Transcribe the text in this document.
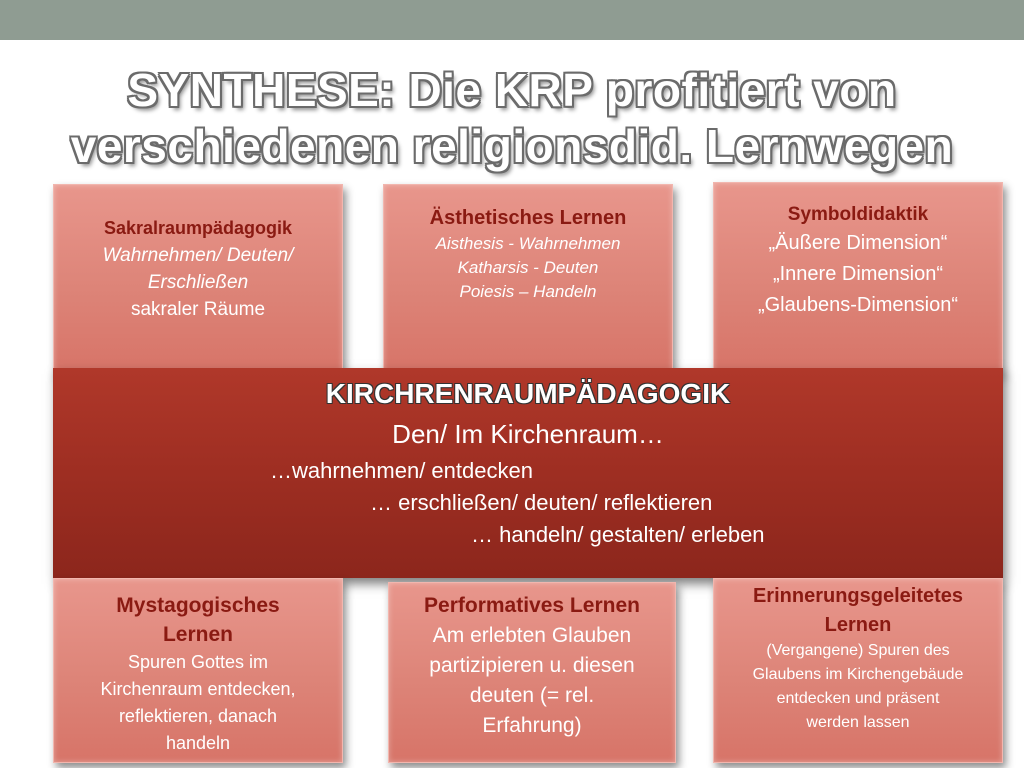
SYNTHESE: Die KRP profitiert von
verschiedenen religionsdid. Lernwegen
Sakralraumpädagogik
Wahrnehmen/ Deuten/
Erschließen
sakraler Räume
Ästhetisches Lernen
Aisthesis - Wahrnehmen
Katharsis - Deuten
Poiesis – Handeln
Symboldidaktik
„Äußere Dimension“
„Innere Dimension“
„Glaubens-Dimension“
KIRCHRENRAUMPÄDAGOGIK
Den/ Im Kirchenraum…
…wahrnehmen/ entdecken
… erschließen/ deuten/ reflektieren
… handeln/ gestalten/ erleben
Mystagogisches
Lernen
Spuren Gottes im
Kirchenraum entdecken,
reflektieren, danach
handeln
Performatives Lernen
Am erlebten Glauben
partizipieren u. diesen
deuten (= rel.
Erfahrung)
Erinnerungsgeleitetes
Lernen
(Vergangene) Spuren des
Glaubens im Kirchengebäude
entdecken und präsent
werden lassen
